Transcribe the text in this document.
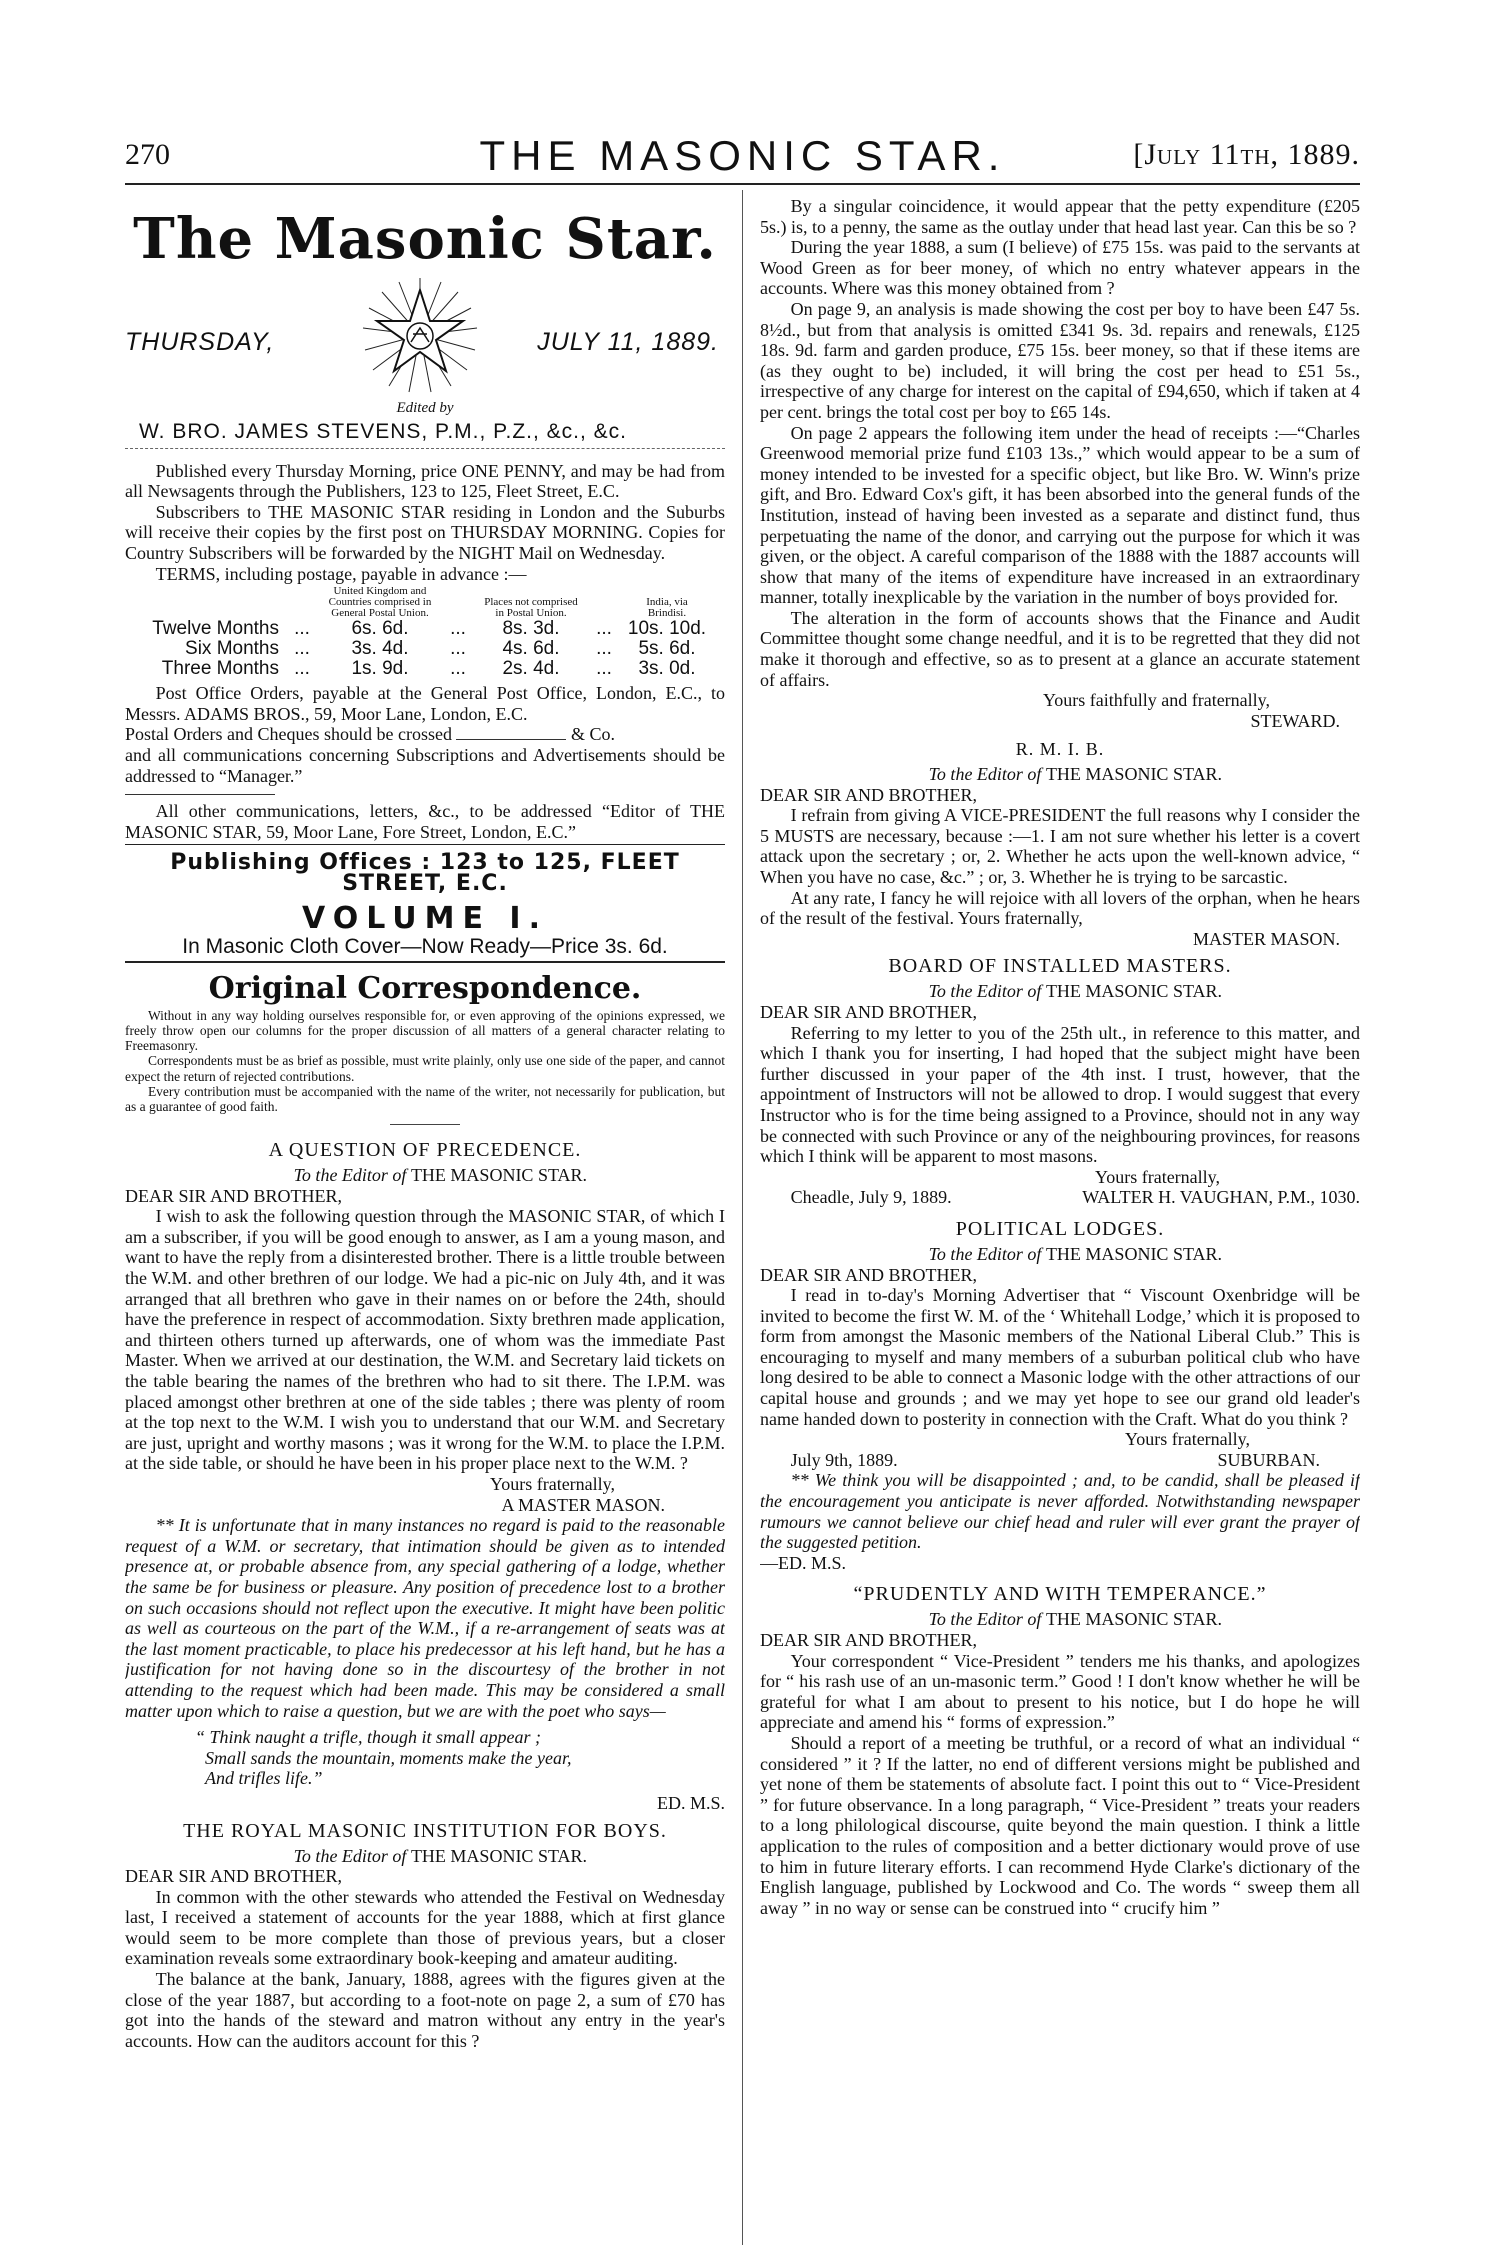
270	THE MASONIC STAR.	[July 11th, 1889.
The Masonic Star.
THURSDAY,	JULY 11, 1889.
Edited by
W. BRO. JAMES STEVENS, P.M., P.Z., &c., &c.

Published every Thursday Morning, price ONE PENNY, and may be had from all Newsagents through the Publishers, 123 to 125, Fleet Street, E.C.

Subscribers to THE MASONIC STAR residing in London and the Suburbs will receive their copies by the first post on THURSDAY MORNING. Copies for Country Subscribers will be forwarded by the NIGHT Mail on Wednesday.

TERMS, including postage, payable in advance :—

		United Kingdom and Countries comprised in General Postal Union.		Places not comprised in Postal Union.		India, via Brindisi.
Twelve Months	...	6s. 6d.	...	8s. 3d.	...	10s. 10d.
Six Months	...	3s. 4d.	...	4s. 6d.	...	5s. 6d.
Three Months	...	1s. 9d.	...	2s. 4d.	...	3s. 0d.

Post Office Orders, payable at the General Post Office, London, E.C., to Messrs. ADAMS BROS., 59, Moor Lane, London, E.C.

Postal Orders and Cheques should be crossed	& Co.

and all communications concerning Subscriptions and Advertisements should be addressed to “Manager.”

All other communications, letters, &c., to be addressed “Editor of THE MASONIC STAR, 59, Moor Lane, Fore Street, London, E.C.”

Publishing Offices : 123 to 125, FLEET STREET, E.C.
VOLUME I.
In Masonic Cloth Cover—Now Ready—Price 3s. 6d.
Original Correspondence.

Without in any way holding ourselves responsible for, or even approving of the opinions expressed, we freely throw open our columns for the proper discussion of all matters of a general character relating to Freemasonry.

Correspondents must be as brief as possible, must write plainly, only use one side of the paper, and cannot expect the return of rejected contributions.

Every contribution must be accompanied with the name of the writer, not necessarily for publication, but as a guarantee of good faith.

A QUESTION OF PRECEDENCE.

To the Editor of THE MASONIC STAR.

DEAR SIR AND BROTHER,

I wish to ask the following question through the MASONIC STAR, of which I am a subscriber, if you will be good enough to answer, as I am a young mason, and want to have the reply from a disinterested brother. There is a little trouble between the W.M. and other brethren of our lodge. We had a pic-nic on July 4th, and it was arranged that all brethren who gave in their names on or before the 24th, should have the preference in respect of accommodation. Sixty brethren made application, and thirteen others turned up afterwards, one of whom was the immediate Past Master. When we arrived at our destination, the W.M. and Secretary laid tickets on the table bearing the names of the brethren who had to sit there. The I.P.M. was placed amongst other brethren at one of the side tables ; there was plenty of room at the top next to the W.M. I wish you to understand that our W.M. and Secretary are just, upright and worthy masons ; was it wrong for the W.M. to place the I.P.M. at the side table, or should he have been in his proper place next to the W.M. ?

Yours fraternally,

A MASTER MASON.

** It is unfortunate that in many instances no regard is paid to the reasonable request of a W.M. or secretary, that intimation should be given as to intended presence at, or probable absence from, any special gathering of a lodge, whether the same be for business or pleasure. Any position of precedence lost to a brother on such occasions should not reflect upon the executive. It might have been politic as well as courteous on the part of the W.M., if a re-arrangement of seats was at the last moment practicable, to place his predecessor at his left hand, but he has a justification for not having done so in the discourtesy of the brother in not attending to the request which had been made. This may be considered a small matter upon which to raise a question, but we are with the poet who says—

“ Think naught a trifle, though it small appear ;
Small sands the mountain, moments make the year,
And trifles life.”

ED. M.S.

THE ROYAL MASONIC INSTITUTION FOR BOYS.

To the Editor of THE MASONIC STAR.

DEAR SIR AND BROTHER,

In common with the other stewards who attended the Festival on Wednesday last, I received a statement of accounts for the year 1888, which at first glance would seem to be more complete than those of previous years, but a closer examination reveals some extraordinary book-keeping and amateur auditing.

The balance at the bank, January, 1888, agrees with the figures given at the close of the year 1887, but according to a foot-note on page 2, a sum of £70 has got into the hands of the steward and matron without any entry in the year's accounts. How can the auditors account for this ?

By a singular coincidence, it would appear that the petty expenditure (£205 5s.) is, to a penny, the same as the outlay under that head last year. Can this be so ?

During the year 1888, a sum (I believe) of £75 15s. was paid to the servants at Wood Green as for beer money, of which no entry whatever appears in the accounts. Where was this money obtained from ?

On page 9, an analysis is made showing the cost per boy to have been £47 5s. 8½d., but from that analysis is omitted £341 9s. 3d. repairs and renewals, £125 18s. 9d. farm and garden produce, £75 15s. beer money, so that if these items are (as they ought to be) included, it will bring the cost per head to £51 5s., irrespective of any charge for interest on the capital of £94,650, which if taken at 4 per cent. brings the total cost per boy to £65 14s.

On page 2 appears the following item under the head of receipts :—“Charles Greenwood memorial prize fund £103 13s.,” which would appear to be a sum of money intended to be invested for a specific object, but like Bro. W. Winn's prize gift, and Bro. Edward Cox's gift, it has been absorbed into the general funds of the Institution, instead of having been invested as a separate and distinct fund, thus perpetuating the name of the donor, and carrying out the purpose for which it was given, or the object. A careful comparison of the 1888 with the 1887 accounts will show that many of the items of expenditure have increased in an extraordinary manner, totally inexplicable by the variation in the number of boys provided for.

The alteration in the form of accounts shows that the Finance and Audit Committee thought some change needful, and it is to be regretted that they did not make it thorough and effective, so as to present at a glance an accurate statement of affairs.

Yours faithfully and fraternally,

STEWARD.

R. M. I. B.

To the Editor of THE MASONIC STAR.

DEAR SIR AND BROTHER,

I refrain from giving A VICE-PRESIDENT the full reasons why I consider the 5 MUSTS are necessary, because :—1. I am not sure whether his letter is a covert attack upon the secretary ; or, 2. Whether he acts upon the well-known advice, “ When you have no case, &c.” ; or, 3. Whether he is trying to be sarcastic.

At any rate, I fancy he will rejoice with all lovers of the orphan, when he hears of the result of the festival. Yours fraternally,

MASTER MASON.

BOARD OF INSTALLED MASTERS.

To the Editor of THE MASONIC STAR.

DEAR SIR AND BROTHER,

Referring to my letter to you of the 25th ult., in reference to this matter, and which I thank you for inserting, I had hoped that the subject might have been further discussed in your paper of the 4th inst. I trust, however, that the appointment of Instructors will not be allowed to drop. I would suggest that every Instructor who is for the time being assigned to a Province, should not in any way be connected with such Province or any of the neighbouring provinces, for reasons which I think will be apparent to most masons.

Yours fraternally,

Cheadle, July 9, 1889.	WALTER H. VAUGHAN, P.M., 1030.

POLITICAL LODGES.

To the Editor of THE MASONIC STAR.

DEAR SIR AND BROTHER,

I read in to-day's Morning Advertiser that “ Viscount Oxenbridge will be invited to become the first W. M. of the ‘ Whitehall Lodge,’ which it is proposed to form from amongst the Masonic members of the National Liberal Club.” This is encouraging to myself and many members of a suburban political club who have long desired to be able to connect a Masonic lodge with the other attractions of our capital house and grounds ; and we may yet hope to see our grand old leader's name handed down to posterity in connection with the Craft. What do you think ?

Yours fraternally,

July 9th, 1889.	SUBURBAN.

** We think you will be disappointed ; and, to be candid, shall be pleased if the encouragement you anticipate is never afforded. Notwithstanding newspaper rumours we cannot believe our chief head and ruler will ever grant the prayer of the suggested petition.

—ED. M.S.

“PRUDENTLY AND WITH TEMPERANCE.”

To the Editor of THE MASONIC STAR.

DEAR SIR AND BROTHER,

Your correspondent “ Vice-President ” tenders me his thanks, and apologizes for “ his rash use of an un-masonic term.” Good ! I don't know whether he will be grateful for what I am about to present to his notice, but I do hope he will appreciate and amend his “ forms of expression.”

Should a report of a meeting be truthful, or a record of what an individual “ considered ” it ? If the latter, no end of different versions might be published and yet none of them be statements of absolute fact. I point this out to “ Vice-President ” for future observance. In a long paragraph, “ Vice-President ” treats your readers to a long philological discourse, quite beyond the main question. I think a little application to the rules of composition and a better dictionary would prove of use to him in future literary efforts. I can recommend Hyde Clarke's dictionary of the English language, published by Lockwood and Co. The words “ sweep them all away ” in no way or sense can be construed into “ crucify him ”
